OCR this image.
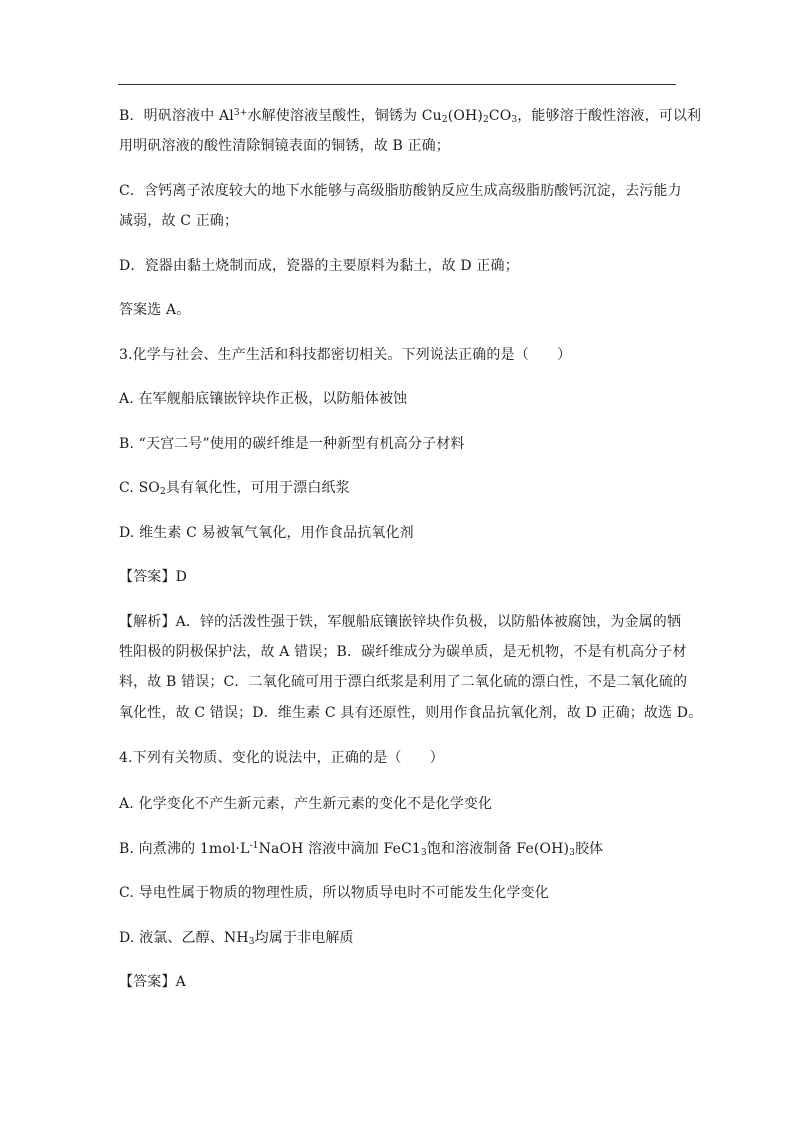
B．明矾溶液中 $Al^{3+}$水解使溶液呈酸性，铜锈为 $Cu_2(OH)_2CO_3$，能够溶于酸性溶液，可以利
用明矾溶液的酸性清除铜镜表面的铜锈，故 B 正确；
C．含钙离子浓度较大的地下水能够与高级脂肪酸钠反应生成高级脂肪酸钙沉淀，去污能力
减弱，故 C 正确；
D．瓷器由黏土烧制而成，瓷器的主要原料为黏土，故 D 正确；
答案选 A。
3.化学与社会、生产生活和科技都密切相关。下列说法正确的是（　　）
A. 在军舰船底镶嵌锌块作正极，以防船体被蚀
B. “天宫二号”使用的碳纤维是一种新型有机高分子材料
C. $SO_2$具有氧化性，可用于漂白纸浆
D. 维生素 C 易被氧气氧化，用作食品抗氧化剂
【答案】D
【解析】A．锌的活泼性强于铁，军舰船底镶嵌锌块作负极，以防船体被腐蚀，为金属的牺
牲阳极的阴极保护法，故 A 错误；B．碳纤维成分为碳单质，是无机物，不是有机高分子材
料，故 B 错误；C．二氧化硫可用于漂白纸浆是利用了二氧化硫的漂白性，不是二氧化硫的
氧化性，故 C 错误；D．维生素 C 具有还原性，则用作食品抗氧化剂，故 D 正确；故选 D。
4.下列有关物质、变化的说法中，正确的是（　　）
A. 化学变化不产生新元素，产生新元素的变化不是化学变化
B. 向煮沸的 $1mol\cdot L^{-1}NaOH$ 溶液中滴加 $FeC1_3$饱和溶液制备 $Fe(OH)_3$胶体
C. 导电性属于物质的物理性质，所以物质导电时不可能发生化学变化
D. 液氯、乙醇、$NH_3$均属于非电解质
【答案】A
